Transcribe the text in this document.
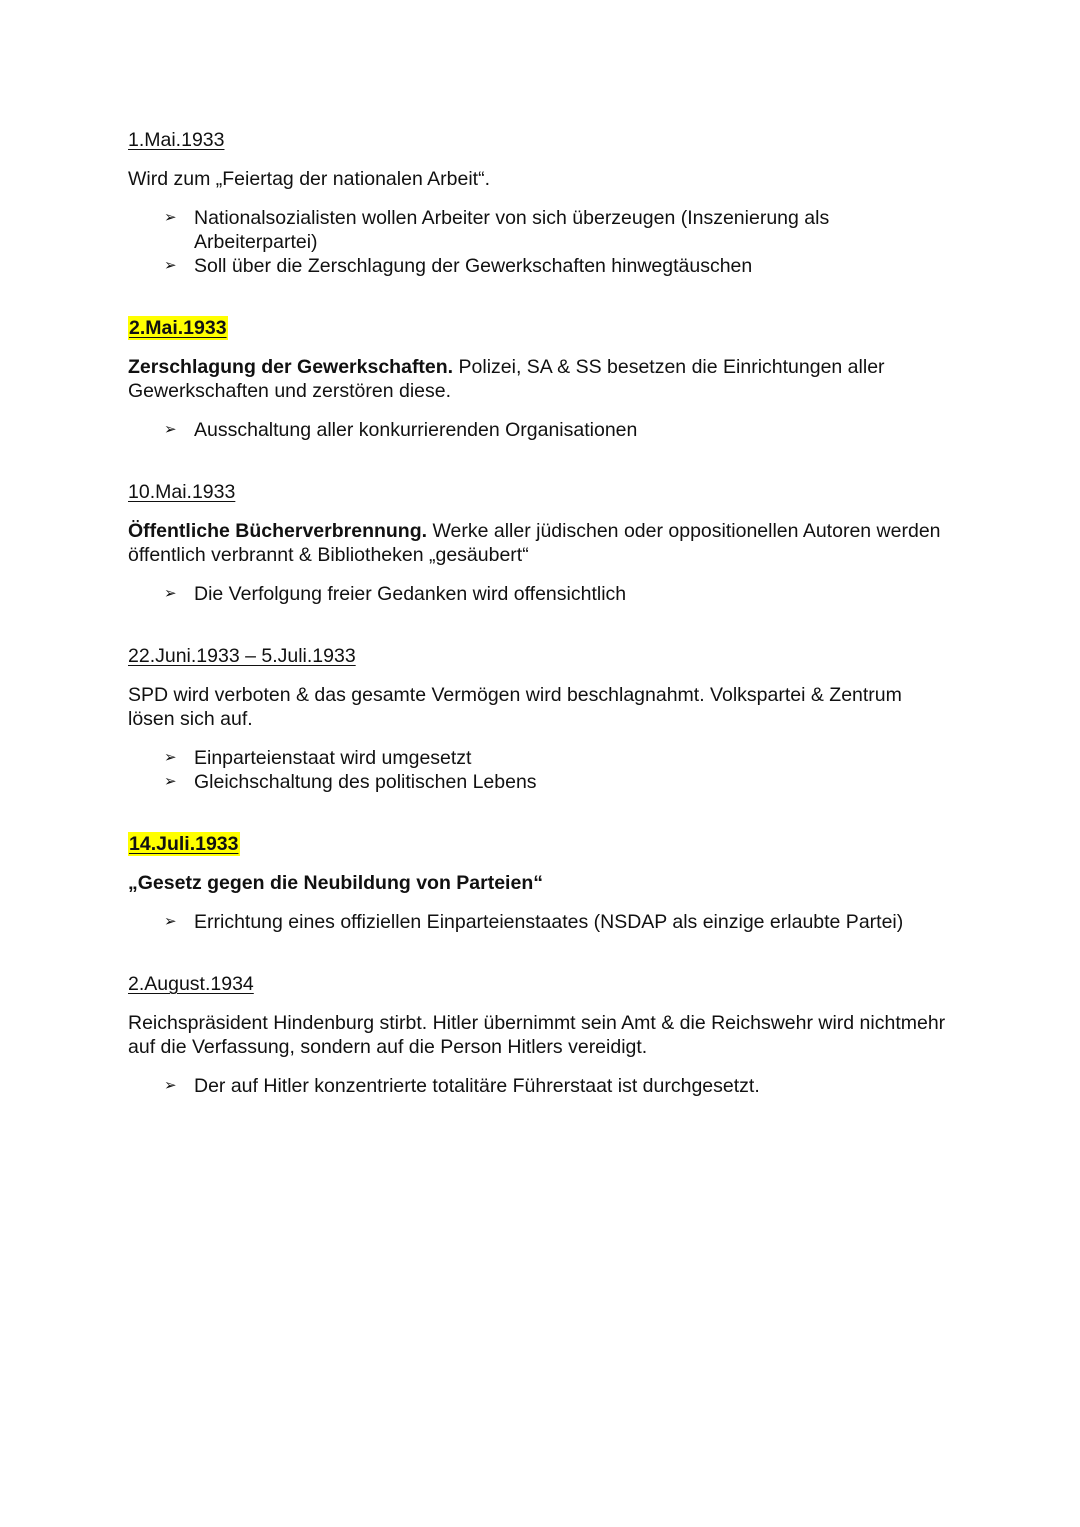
1.Mai.1933

Wird zum „Feiertag der nationalen Arbeit“.

➢ Nationalsozialisten wollen Arbeiter von sich überzeugen (Inszenierung als Arbeiterpartei)
➢ Soll über die Zerschlagung der Gewerkschaften hinwegtäuschen
2.Mai.1933

Zerschlagung der Gewerkschaften. Polizei, SA & SS besetzen die Einrichtungen aller Gewerkschaften und zerstören diese.

➢ Ausschaltung aller konkurrierenden Organisationen
10.Mai.1933

Öffentliche Bücherverbrennung. Werke aller jüdischen oder oppositionellen Autoren werden öffentlich verbrannt & Bibliotheken „gesäubert“

➢ Die Verfolgung freier Gedanken wird offensichtlich
22.Juni.1933 – 5.Juli.1933

SPD wird verboten & das gesamte Vermögen wird beschlagnahmt. Volkspartei & Zentrum lösen sich auf.

➢ Einparteienstaat wird umgesetzt
➢ Gleichschaltung des politischen Lebens
14.Juli.1933

„Gesetz gegen die Neubildung von Parteien“

➢ Errichtung eines offiziellen Einparteienstaates (NSDAP als einzige erlaubte Partei)
2.August.1934

Reichspräsident Hindenburg stirbt. Hitler übernimmt sein Amt & die Reichswehr wird nichtmehr auf die Verfassung, sondern auf die Person Hitlers vereidigt.

➢ Der auf Hitler konzentrierte totalitäre Führerstaat ist durchgesetzt.
